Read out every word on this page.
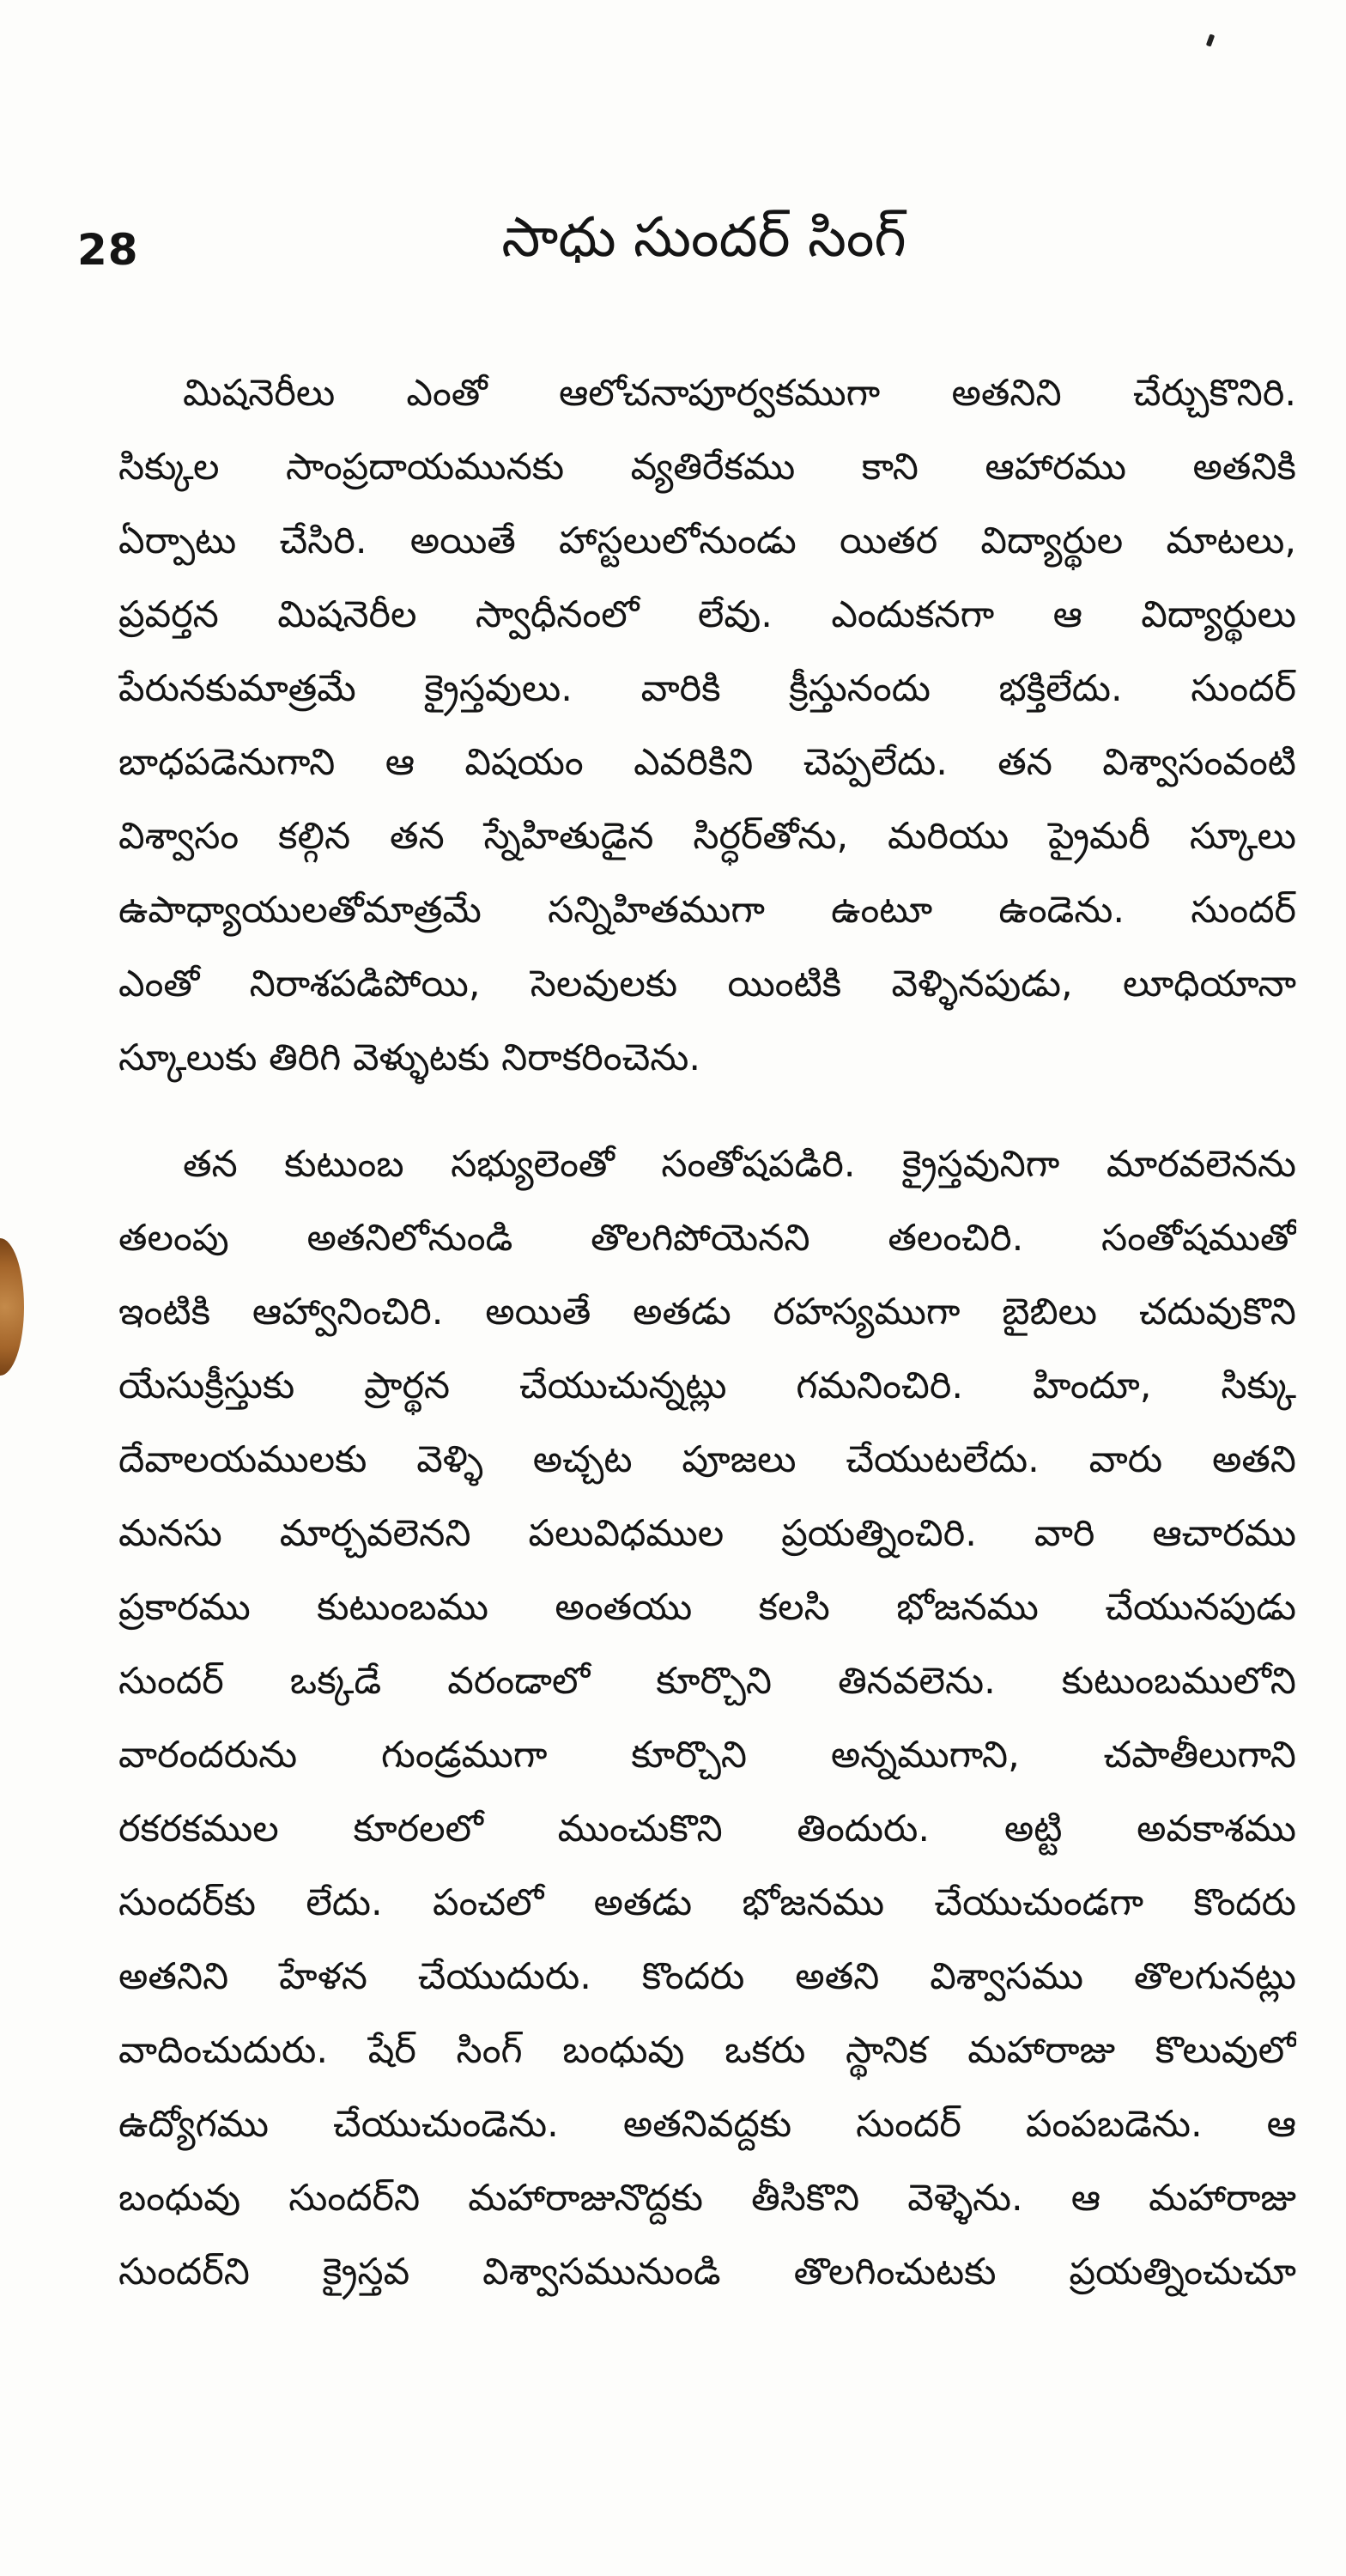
28	సాధు సుందర్ సింగ్

మిషనెరీలు ఎంతో ఆలోచనాపూర్వకముగా అతనిని చేర్చుకొనిరి.
సిక్కుల సాంప్రదాయమునకు వ్యతిరేకము కాని ఆహారము అతనికి
ఏర్పాటు చేసిరి. అయితే హాస్టలులోనుండు యితర విద్యార్థుల మాటలు,
ప్రవర్తన మిషనెరీల స్వాధీనంలో లేవు. ఎందుకనగా ఆ విద్యార్థులు
పేరునకుమాత్రమే క్రైస్తవులు. వారికి క్రీస్తునందు భక్తిలేదు. సుందర్
బాధపడెనుగాని ఆ విషయం ఎవరికిని చెప్పలేదు. తన విశ్వాసంవంటి
విశ్వాసం కల్గిన తన స్నేహితుడైన సిర్ధర్‌తోను, మరియు ప్రైమరీ స్కూలు
ఉపాధ్యాయులతోమాత్రమే సన్నిహితముగా ఉంటూ ఉండెను. సుందర్
ఎంతో నిరాశపడిపోయి, సెలవులకు యింటికి వెళ్ళినపుడు, లూధియానా
స్కూలుకు తిరిగి వెళ్ళుటకు నిరాకరించెను.

తన కుటుంబ సభ్యులెంతో సంతోషపడిరి. క్రైస్తవునిగా మారవలెనను
తలంపు అతనిలోనుండి తొలగిపోయెనని తలంచిరి. సంతోషముతో
ఇంటికి ఆహ్వానించిరి. అయితే అతడు రహస్యముగా బైబిలు చదువుకొని
యేసుక్రీస్తుకు ప్రార్థన చేయుచున్నట్లు గమనించిరి. హిందూ, సిక్కు
దేవాలయములకు వెళ్ళి అచ్చట పూజలు చేయుటలేదు. వారు అతని
మనసు మార్చవలెనని పలువిధముల ప్రయత్నించిరి. వారి ఆచారము
ప్రకారము కుటుంబము అంతయు కలసి భోజనము చేయునపుడు
సుందర్ ఒక్కడే వరండాలో కూర్చొని తినవలెను. కుటుంబములోని
వారందరును గుండ్రముగా కూర్చొని అన్నముగాని, చపాతీలుగాని
రకరకముల కూరలలో ముంచుకొని తిందురు. అట్టి అవకాశము
సుందర్‌కు లేదు. పంచలో అతడు భోజనము చేయుచుండగా కొందరు
అతనిని హేళన చేయుదురు. కొందరు అతని విశ్వాసము తొలగునట్లు
వాదించుదురు. షేర్ సింగ్ బంధువు ఒకరు స్థానిక మహారాజు కొలువులో
ఉద్యోగము చేయుచుండెను. అతనివద్దకు సుందర్ పంపబడెను. ఆ
బంధువు సుందర్‌ని మహారాజునొద్దకు తీసికొని వెళ్ళెను. ఆ మహారాజు
సుందర్‌ని క్రైస్తవ విశ్వాసమునుండి తొలగించుటకు ప్రయత్నించుచూ
